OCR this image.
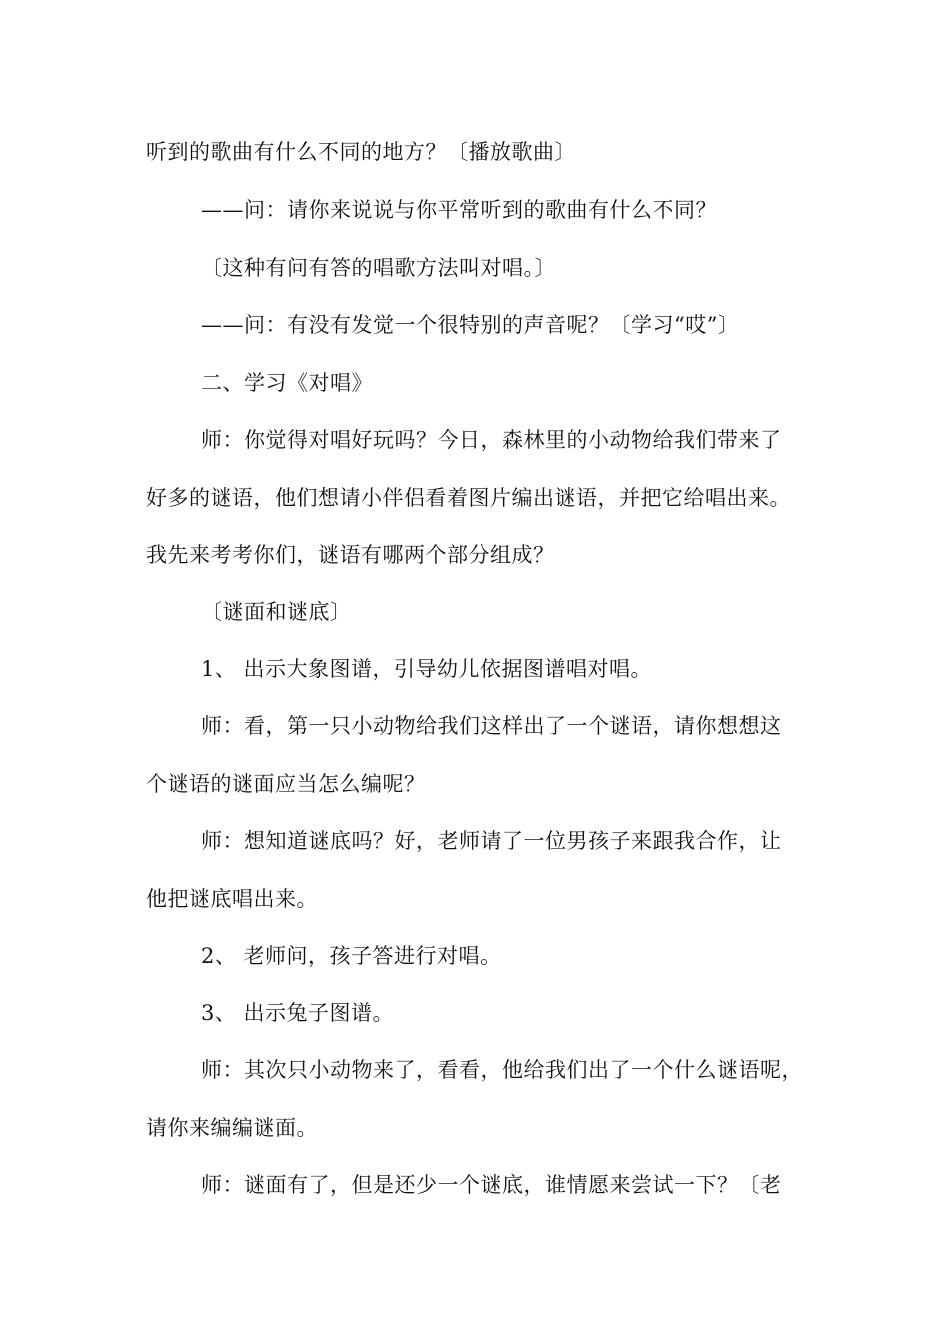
听到的歌曲有什么不同的地方？〔播放歌曲〕
——问：请你来说说与你平常听到的歌曲有什么不同？
〔这种有问有答的唱歌方法叫对唱。〕
——问：有没有发觉一个很特别的声音呢？〔学习“哎”〕
二、学习《对唱》
师：你觉得对唱好玩吗？今日，森林里的小动物给我们带来了
好多的谜语，他们想请小伴侣看着图片编出谜语，并把它给唱出来。
我先来考考你们，谜语有哪两个部分组成？
〔谜面和谜底〕
1、 出示大象图谱，引导幼儿依据图谱唱对唱。
师：看，第一只小动物给我们这样出了一个谜语，请你想想这
个谜语的谜面应当怎么编呢？
师：想知道谜底吗？好，老师请了一位男孩子来跟我合作，让
他把谜底唱出来。
2、 老师问，孩子答进行对唱。
3、 出示兔子图谱。
师：其次只小动物来了，看看，他给我们出了一个什么谜语呢，
请你来编编谜面。
师：谜面有了，但是还少一个谜底，谁情愿来尝试一下？〔老
